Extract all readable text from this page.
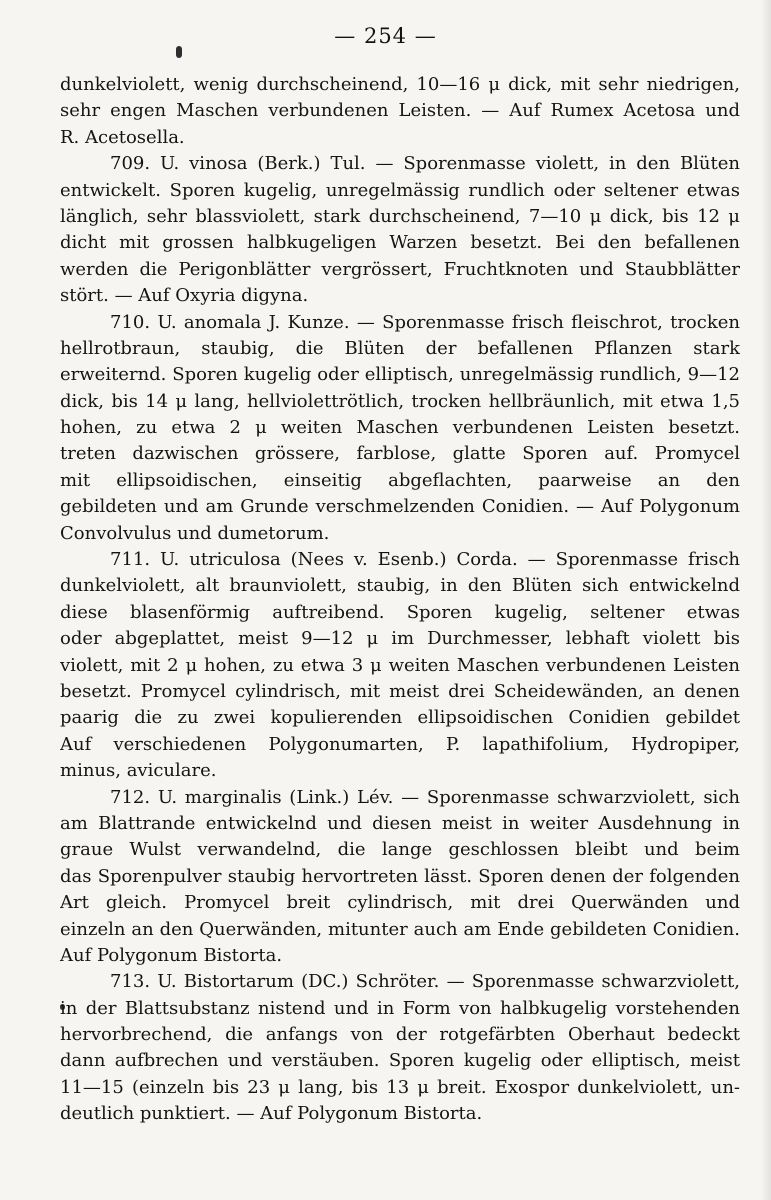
— 254 —
dunkelviolett, wenig durchscheinend, 10—16 μ dick, mit sehr niedrigen,
sehr engen Maschen verbundenen Leisten. — Auf Rumex Acetosa und
R. Acetosella.
709. U. vinosa (Berk.) Tul. — Sporenmasse violett, in den Blüten
entwickelt. Sporen kugelig, unregelmässig rundlich oder seltener etwas
länglich, sehr blassviolett, stark durchscheinend, 7—10 μ dick, bis 12 μ
dicht mit grossen halbkugeligen Warzen besetzt. Bei den befallenen
werden die Perigonblätter vergrössert, Fruchtknoten und Staubblätter
stört. — Auf Oxyria digyna.
710. U. anomala J. Kunze. — Sporenmasse frisch fleischrot, trocken
hellrotbraun, staubig, die Blüten der befallenen Pflanzen stark
erweiternd. Sporen kugelig oder elliptisch, unregelmässig rundlich, 9—12
dick, bis 14 μ lang, hellviolettrötlich, trocken hellbräunlich, mit etwa 1,5
hohen, zu etwa 2 μ weiten Maschen verbundenen Leisten besetzt.
treten dazwischen grössere, farblose, glatte Sporen auf. Promycel
mit ellipsoidischen, einseitig abgeflachten, paarweise an den
gebildeten und am Grunde verschmelzenden Conidien. — Auf Polygonum
Convolvulus und dumetorum.
711. U. utriculosa (Nees v. Esenb.) Corda. — Sporenmasse frisch
dunkelviolett, alt braunviolett, staubig, in den Blüten sich entwickelnd
diese blasenförmig auftreibend. Sporen kugelig, seltener etwas
oder abgeplattet, meist 9—12 μ im Durchmesser, lebhaft violett bis
violett, mit 2 μ hohen, zu etwa 3 μ weiten Maschen verbundenen Leisten
besetzt. Promycel cylindrisch, mit meist drei Scheidewänden, an denen
paarig die zu zwei kopulierenden ellipsoidischen Conidien gebildet
Auf verschiedenen Polygonumarten, P. lapathifolium, Hydropiper,
minus, aviculare.
712. U. marginalis (Link.) Lév. — Sporenmasse schwarzviolett, sich
am Blattrande entwickelnd und diesen meist in weiter Ausdehnung in
graue Wulst verwandelnd, die lange geschlossen bleibt und beim
das Sporenpulver staubig hervortreten lässt. Sporen denen der folgenden
Art gleich. Promycel breit cylindrisch, mit drei Querwänden und
einzeln an den Querwänden, mitunter auch am Ende gebildeten Conidien.
Auf Polygonum Bistorta.
713. U. Bistortarum (DC.) Schröter. — Sporenmasse schwarzviolett,
in der Blattsubstanz nistend und in Form von halbkugelig vorstehenden
hervorbrechend, die anfangs von der rotgefärbten Oberhaut bedeckt
dann aufbrechen und verstäuben. Sporen kugelig oder elliptisch, meist
11—15 (einzeln bis 23 μ lang, bis 13 μ breit. Exospor dunkelviolett, un-
deutlich punktiert. — Auf Polygonum Bistorta.
